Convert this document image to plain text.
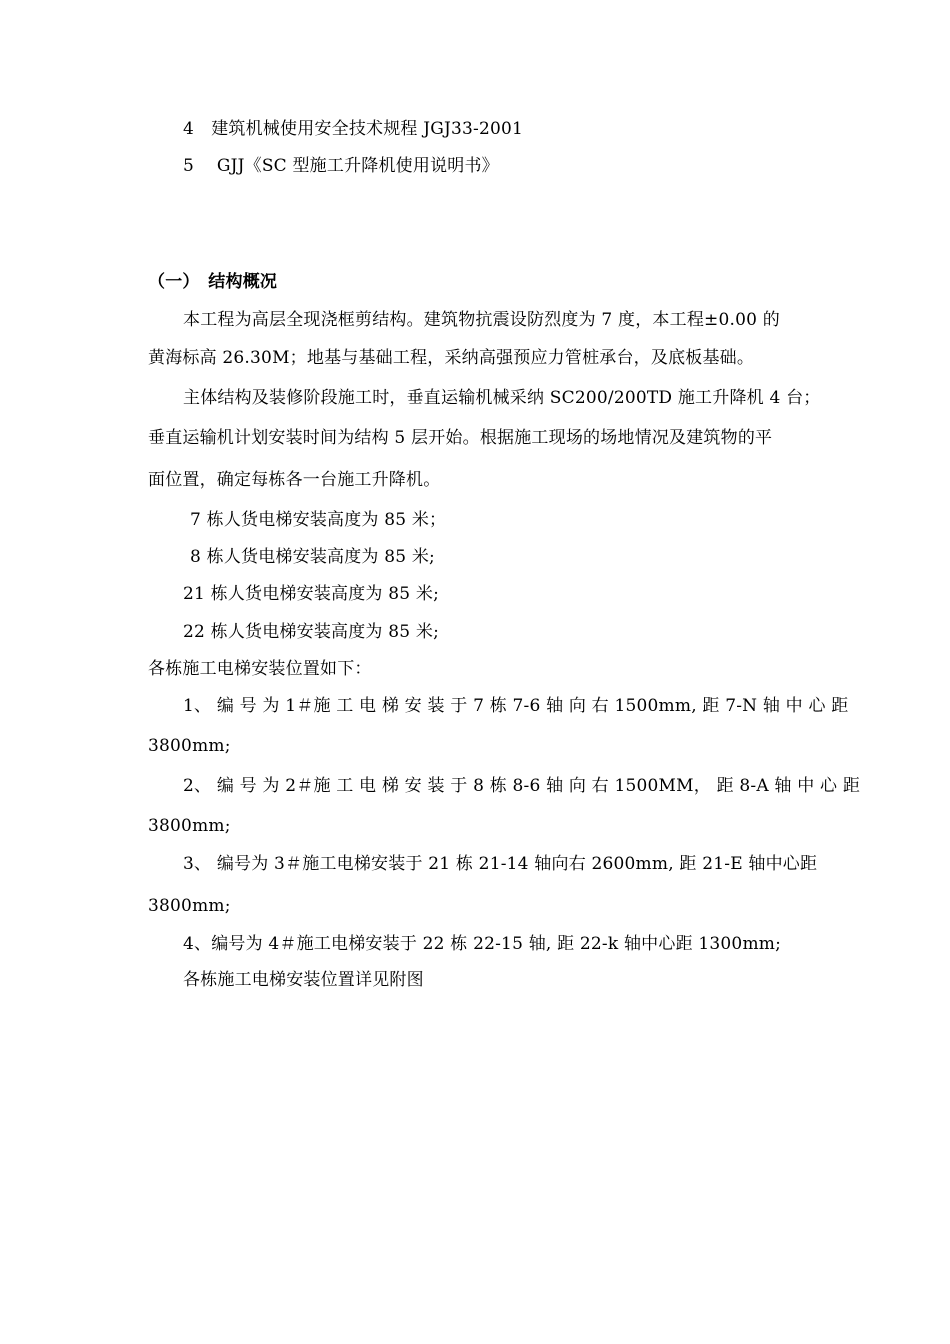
4　建筑机械使用安全技术规程 JGJ33-2001
5　 GJJ《SC 型施工升降机使用说明书》
（一）　结构概况
本工程为高层全现浇框剪结构。建筑物抗震设防烈度为 7 度，本工程±0.00 的
黄海标高 26.30M；地基与基础工程，采纳高强预应力管桩承台，及底板基础。
主体结构及装修阶段施工时，垂直运输机械采纳 SC200/200TD 施工升降机 4 台；
垂直运输机计划安装时间为结构 5 层开始。根据施工现场的场地情况及建筑物的平
面位置，确定每栋各一台施工升降机。
7 栋人货电梯安装高度为 85 米；
8 栋人货电梯安装高度为 85 米;
21 栋人货电梯安装高度为 85 米;
22 栋人货电梯安装高度为 85 米;
各栋施工电梯安装位置如下：
1、 编 号 为 1＃施 工 电 梯 安 装 于 7 栋 7-6 轴 向 右 1500mm, 距 7-N 轴 中 心 距
3800mm;
2、 编 号 为 2＃施 工 电 梯 安 装 于 8 栋 8-6 轴 向 右 1500MM， 距 8-A 轴 中 心 距
3800mm;
3、 编号为 3＃施工电梯安装于 21 栋 21-14 轴向右 2600mm, 距 21-E 轴中心距
3800mm;
4、编号为 4＃施工电梯安装于 22 栋 22-15 轴, 距 22-k 轴中心距 1300mm;
各栋施工电梯安装位置详见附图
